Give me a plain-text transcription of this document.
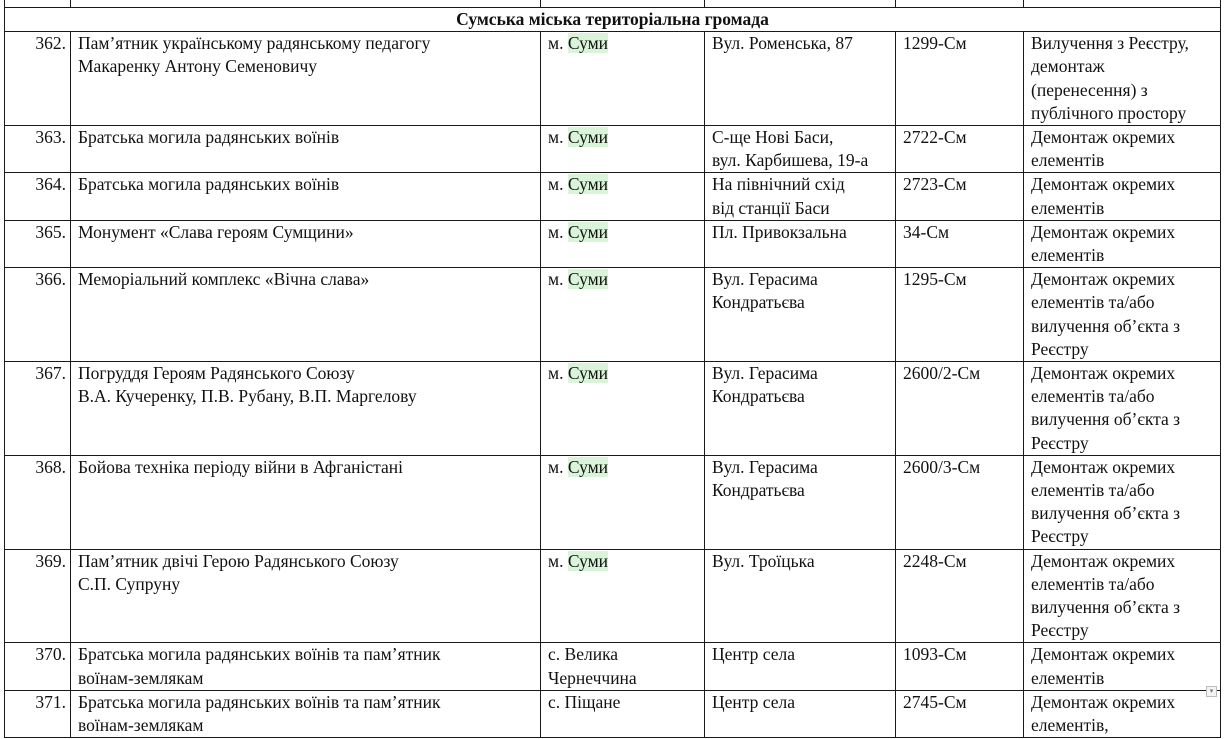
Сумська міська територіальна громада					
362.	Пам’ятник українському радянському педагогу
Макаренку Антону Семеновичу	м. Суми	Вул. Роменська, 87	1299-См	Вилучення з Реєстру,
демонтаж
(перенесення) з
публічного простору

363.	Братська могила радянських воїнів	м. Суми	С-ще Нові Баси,
вул. Карбишева, 19-а	2722-См	Демонтаж окремих
елементів

364.	Братська могила радянських воїнів	м. Суми	На північний схід
від станції Баси	2723-См	Демонтаж окремих
елементів

365.	Монумент «Слава героям Сумщини»	м. Суми	Пл. Привокзальна	34-См	Демонтаж окремих
елементів

366.	Меморіальний комплекс «Вічна слава»	м. Суми	Вул. Герасима
Кондратьєва	1295-См	Демонтаж окремих
елементів та/або
вилучення об’єкта з
Реєстру

367.	Погруддя Героям Радянського Союзу
В.А. Кучеренку, П.В. Рубану, В.П. Маргелову	м. Суми	Вул. Герасима
Кондратьєва	2600/2-См	Демонтаж окремих
елементів та/або
вилучення об’єкта з
Реєстру

368.	Бойова техніка періоду війни в Афганістані	м. Суми	Вул. Герасима
Кондратьєва	2600/3-См	Демонтаж окремих
елементів та/або
вилучення об’єкта з
Реєстру

369.	Пам’ятник двічі Герою Радянського Союзу
С.П. Супруну	м. Суми	Вул. Троїцька	2248-См	Демонтаж окремих
елементів та/або
вилучення об’єкта з
Реєстру

370.	Братська могила радянських воїнів та пам’ятник
воїнам-землякам	с. Велика
Чернеччина	Центр села	1093-См	Демонтаж окремих
елементів

371.	Братська могила радянських воїнів та пам’ятник
воїнам-землякам	с. Піщане	Центр села	2745-См	Демонтаж окремих
елементів,
▾
